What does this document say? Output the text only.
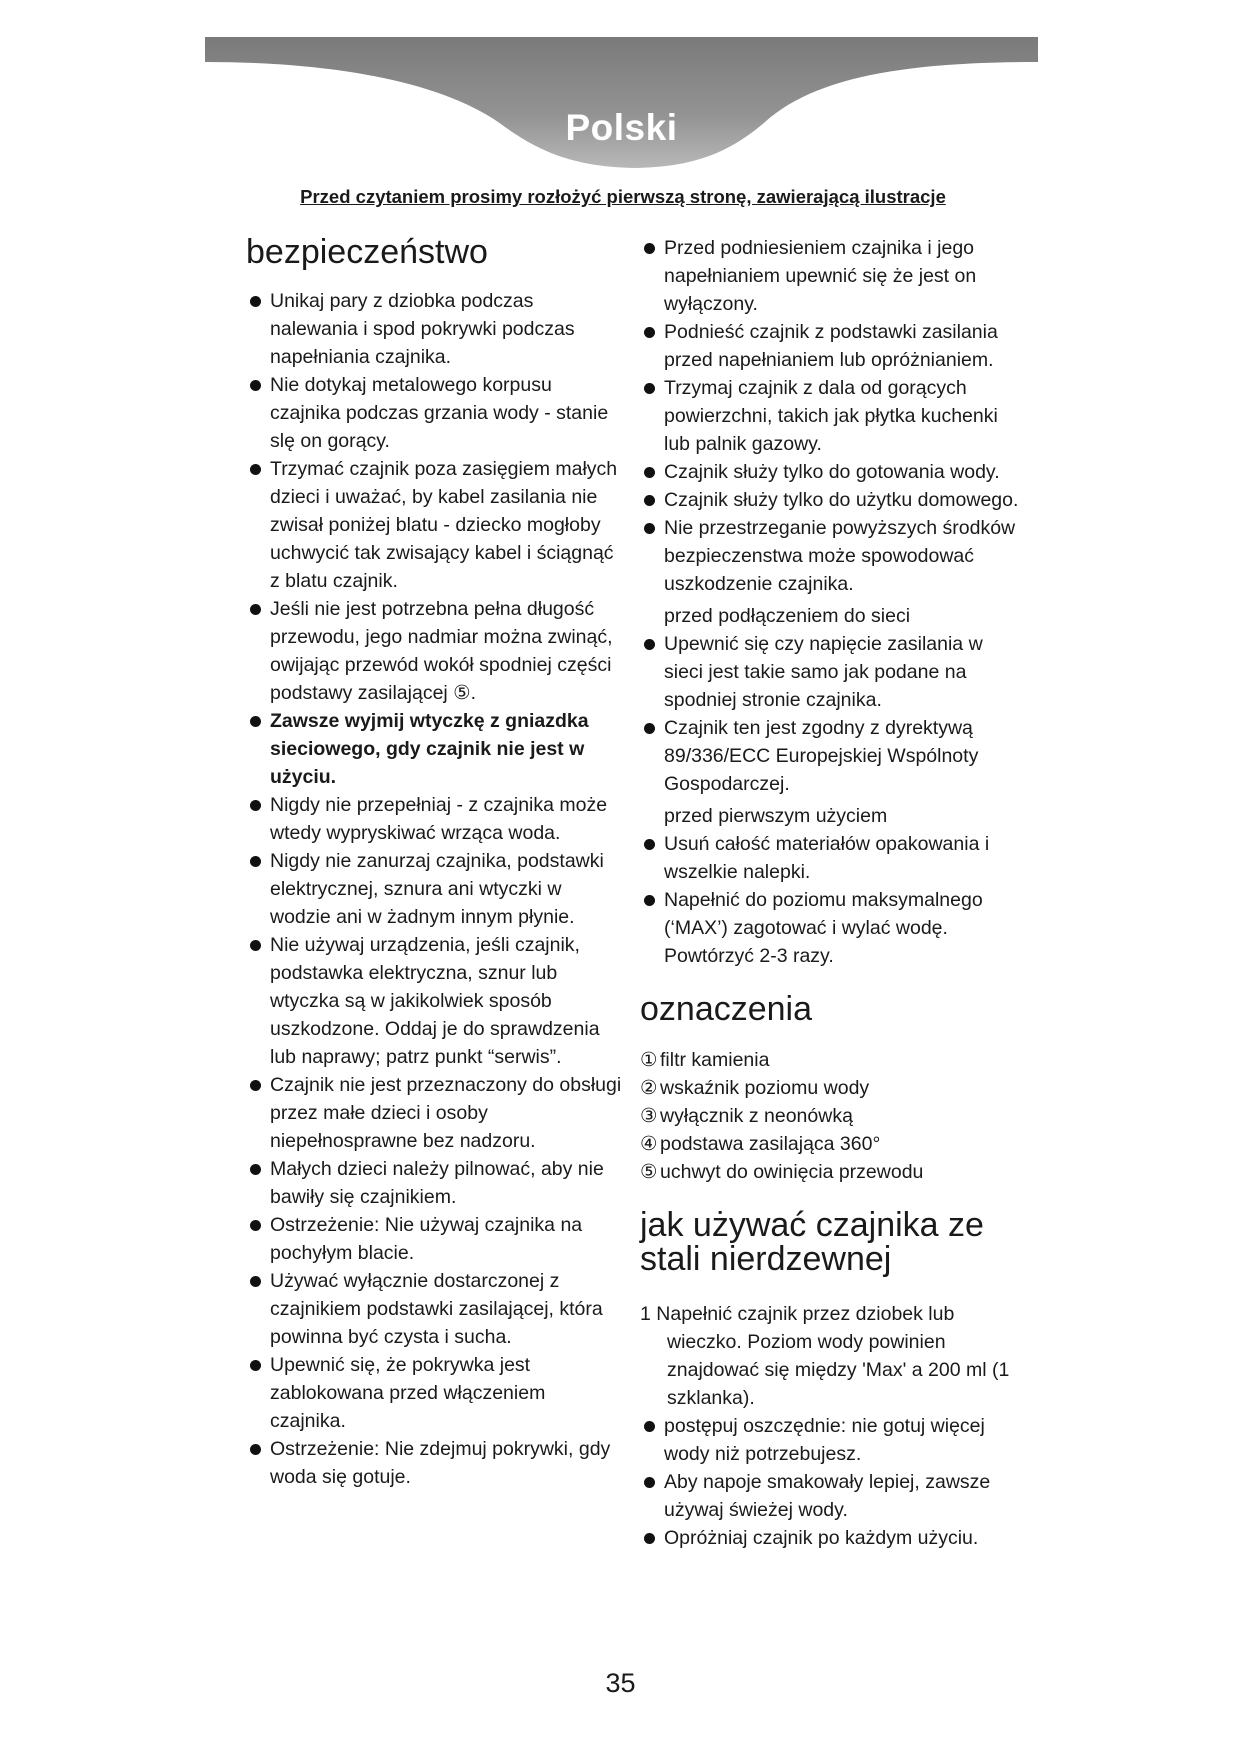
Polski
Przed czytaniem prosimy rozłożyć pierwszą stronę, zawierającą ilustracje
bezpieczeństwo
Unikaj pary z dziobka podczas nalewania i spod pokrywki podczas napełniania czajnika.
Nie dotykaj metalowego korpusu czajnika podczas grzania wody - stanie slę on gorący.
Trzymać czajnik poza zasięgiem małych dzieci i uważać, by kabel zasilania nie zwisał poniżej blatu - dziecko mogłoby uchwycić tak zwisający kabel i ściągnąć z blatu czajnik.
Jeśli nie jest potrzebna pełna długość przewodu, jego nadmiar można zwinąć, owijając przewód wokół spodniej części podstawy zasilającej ⑤.
Zawsze wyjmij wtyczkę z gniazdka sieciowego, gdy czajnik nie jest w użyciu.
Nigdy nie przepełniaj - z czajnika może wtedy wypryskiwać wrząca woda.
Nigdy nie zanurzaj czajnika, podstawki elektrycznej, sznura ani wtyczki w wodzie ani w żadnym innym płynie.
Nie używaj urządzenia, jeśli czajnik, podstawka elektryczna, sznur lub wtyczka są w jakikolwiek sposób uszkodzone. Oddaj je do sprawdzenia lub naprawy; patrz punkt “serwis”.
Czajnik nie jest przeznaczony do obsługi przez małe dzieci i osoby niepełnosprawne bez nadzoru.
Małych dzieci należy pilnować, aby nie bawiły się czajnikiem.
Ostrzeżenie: Nie używaj czajnika na pochyłym blacie.
Używać wyłącznie dostarczonej z czajnikiem podstawki zasilającej, która powinna być czysta i sucha.
Upewnić się, że pokrywka jest zablokowana przed włączeniem czajnika.
Ostrzeżenie: Nie zdejmuj pokrywki, gdy woda się gotuje.
Przed podniesieniem czajnika i jego napełnianiem upewnić się że jest on wyłączony.
Podnieść czajnik z podstawki zasilania przed napełnianiem lub opróżnianiem.
Trzymaj czajnik z dala od gorących powierzchni, takich jak płytka kuchenki lub palnik gazowy.
Czajnik służy tylko do gotowania wody.
Czajnik służy tylko do użytku domowego.
Nie przestrzeganie powyższych środków bezpieczenstwa może spowodować uszkodzenie czajnika.
przed podłączeniem do sieci
Upewnić się czy napięcie zasilania w sieci jest takie samo jak podane na spodniej stronie czajnika.
Czajnik ten jest zgodny z dyrektywą 89/336/ECC Europejskiej Wspólnoty Gospodarczej.
przed pierwszym użyciem
Usuń całość materiałów opakowania i wszelkie nalepki.
Napełnić do poziomu maksymalnego (‘MAX’) zagotować i wylać wodę. Powtórzyć 2-3 razy.
oznaczenia
① filtr kamienia
② wskaźnik poziomu wody
③ wyłącznik z neonówką
④ podstawa zasilająca 360°
⑤ uchwyt do owinięcia przewodu
jak używać czajnika ze stali nierdzewnej
1 Napełnić czajnik przez dziobek lub wieczko. Poziom wody powinien znajdować się między 'Max' a 200 ml (1 szklanka).
postępuj oszczędnie: nie gotuj więcej wody niż potrzebujesz.
Aby napoje smakowały lepiej, zawsze używaj świeżej wody.
Opróżniaj czajnik po każdym użyciu.
35
